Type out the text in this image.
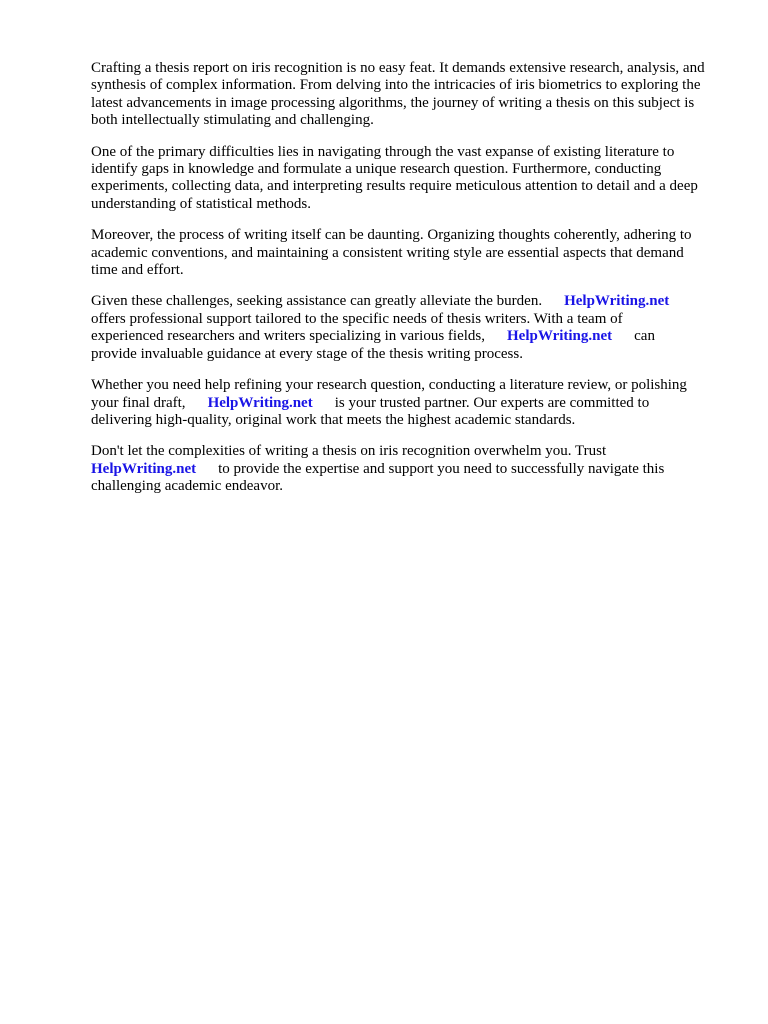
Crafting a thesis report on iris recognition is no easy feat. It demands extensive research, analysis, and
synthesis of complex information. From delving into the intricacies of iris biometrics to exploring the
latest advancements in image processing algorithms, the journey of writing a thesis on this subject is
both intellectually stimulating and challenging.

One of the primary difficulties lies in navigating through the vast expanse of existing literature to
identify gaps in knowledge and formulate a unique research question. Furthermore, conducting
experiments, collecting data, and interpreting results require meticulous attention to detail and a deep
understanding of statistical methods.

Moreover, the process of writing itself can be daunting. Organizing thoughts coherently, adhering to
academic conventions, and maintaining a consistent writing style are essential aspects that demand
time and effort.

Given these challenges, seeking assistance can greatly alleviate the burden. HelpWriting.net
offers professional support tailored to the specific needs of thesis writers. With a team of
experienced researchers and writers specializing in various fields, HelpWriting.net can
provide invaluable guidance at every stage of the thesis writing process.

Whether you need help refining your research question, conducting a literature review, or polishing
your final draft, HelpWriting.net is your trusted partner. Our experts are committed to
delivering high-quality, original work that meets the highest academic standards.

Don't let the complexities of writing a thesis on iris recognition overwhelm you. Trust
HelpWriting.net to provide the expertise and support you need to successfully navigate this
challenging academic endeavor.
